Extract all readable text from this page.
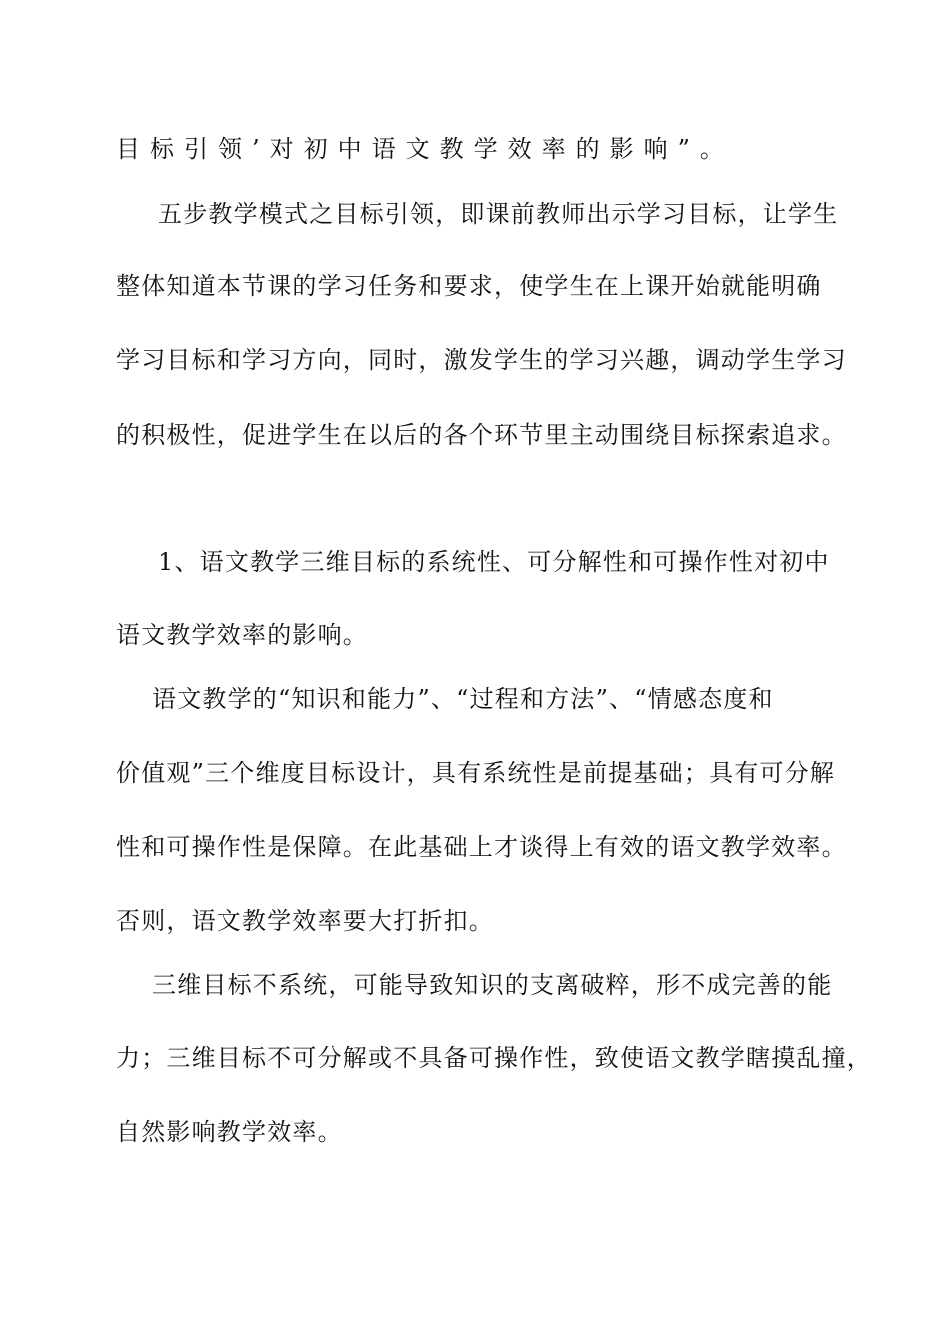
目标引领’对初中语文教学效率的影响”。
五步教学模式之目标引领，即课前教师出示学习目标，让学生
整体知道本节课的学习任务和要求，使学生在上课开始就能明确
学习目标和学习方向，同时，激发学生的学习兴趣，调动学生学习
的积极性，促进学生在以后的各个环节里主动围绕目标探索追求。
1、语文教学三维目标的系统性、可分解性和可操作性对初中
语文教学效率的影响。
语文教学的“知识和能力”、“过程和方法”、“情感态度和
价值观”三个维度目标设计，具有系统性是前提基础；具有可分解
性和可操作性是保障。在此基础上才谈得上有效的语文教学效率。
否则，语文教学效率要大打折扣。
三维目标不系统，可能导致知识的支离破粹，形不成完善的能
力；三维目标不可分解或不具备可操作性，致使语文教学瞎摸乱撞，
自然影响教学效率。
